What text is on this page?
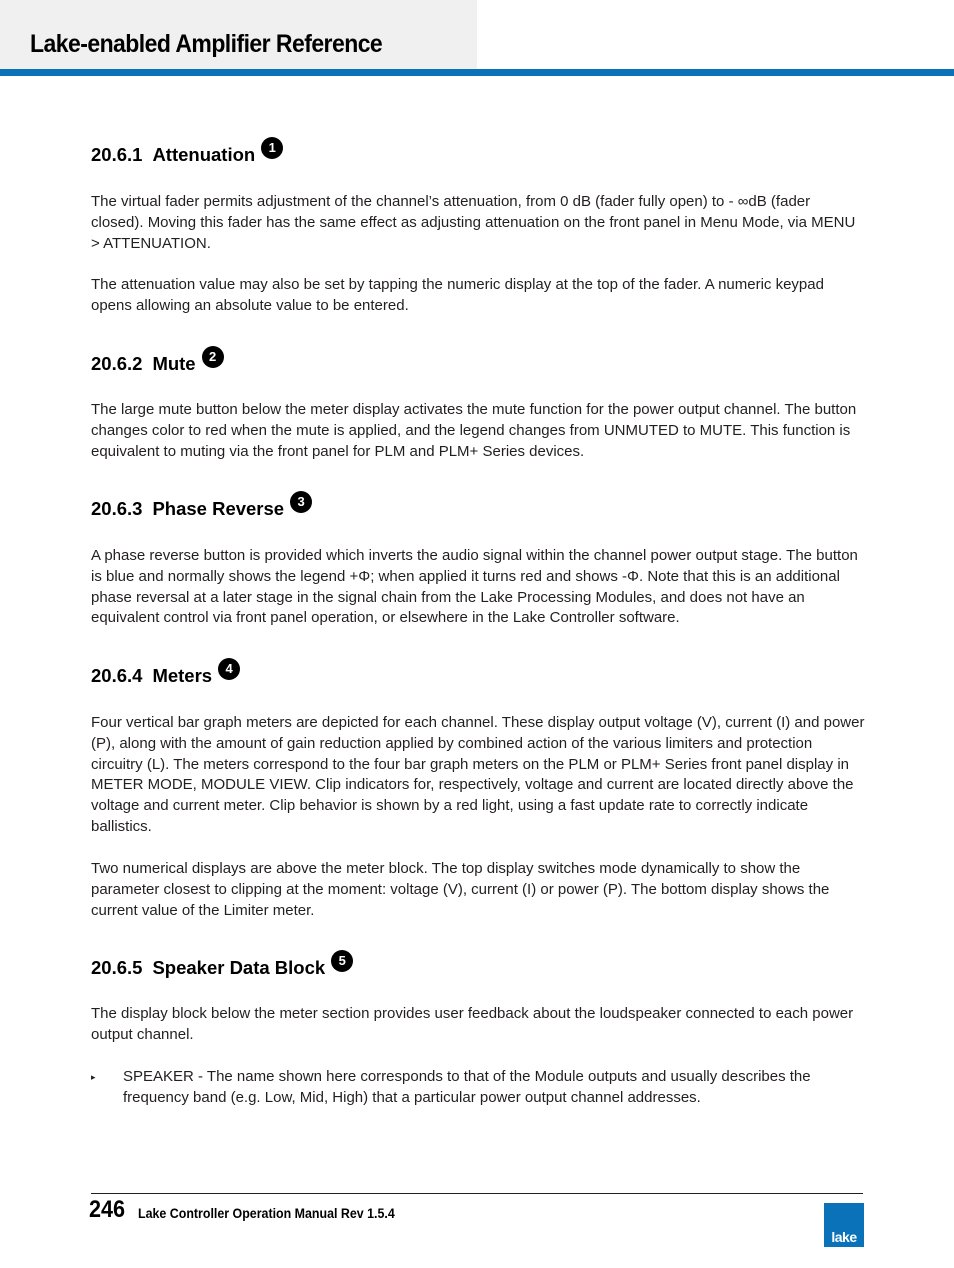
Lake-enabled Amplifier Reference
20.6.1 Attenuation 1

The virtual fader permits adjustment of the channel’s attenuation, from 0 dB (fader fully open) to - ∞dB (fader closed). Moving this fader has the same effect as adjusting attenuation on the front panel in Menu Mode, via MENU > ATTENUATION.

The attenuation value may also be set by tapping the numeric display at the top of the fader. A numeric keypad opens allowing an absolute value to be entered.

20.6.2 Mute 2

The large mute button below the meter display activates the mute function for the power output channel. The button changes color to red when the mute is applied, and the legend changes from UNMUTED to MUTE. This function is equivalent to muting via the front panel for PLM and PLM+ Series devices.

20.6.3 Phase Reverse 3

A phase reverse button is provided which inverts the audio signal within the channel power output stage. The button is blue and normally shows the legend +Φ; when applied it turns red and shows -Φ. Note that this is an additional phase reversal at a later stage in the signal chain from the Lake Processing Modules, and does not have an equivalent control via front panel operation, or elsewhere in the Lake Controller software.

20.6.4 Meters 4

Four vertical bar graph meters are depicted for each channel. These display output voltage (V), current (I) and power (P), along with the amount of gain reduction applied by combined action of the various limiters and protection circuitry (L). The meters correspond to the four bar graph meters on the PLM or PLM+ Series front panel display in METER MODE, MODULE VIEW. Clip indicators for, respectively, voltage and current are located directly above the voltage and current meter. Clip behavior is shown by a red light, using a fast update rate to correctly indicate ballistics.

Two numerical displays are above the meter block. The top display switches mode dynamically to show the parameter closest to clipping at the moment: voltage (V), current (I) or power (P). The bottom display shows the current value of the Limiter meter.

20.6.5 Speaker Data Block 5

The display block below the meter section provides user feedback about the loudspeaker connected to each power output channel.

▸ SPEAKER - The name shown here corresponds to that of the Module outputs and usually describes the frequency band (e.g. Low, Mid, High) that a particular power output channel addresses.

246 Lake Controller Operation Manual Rev 1.5.4
lake
